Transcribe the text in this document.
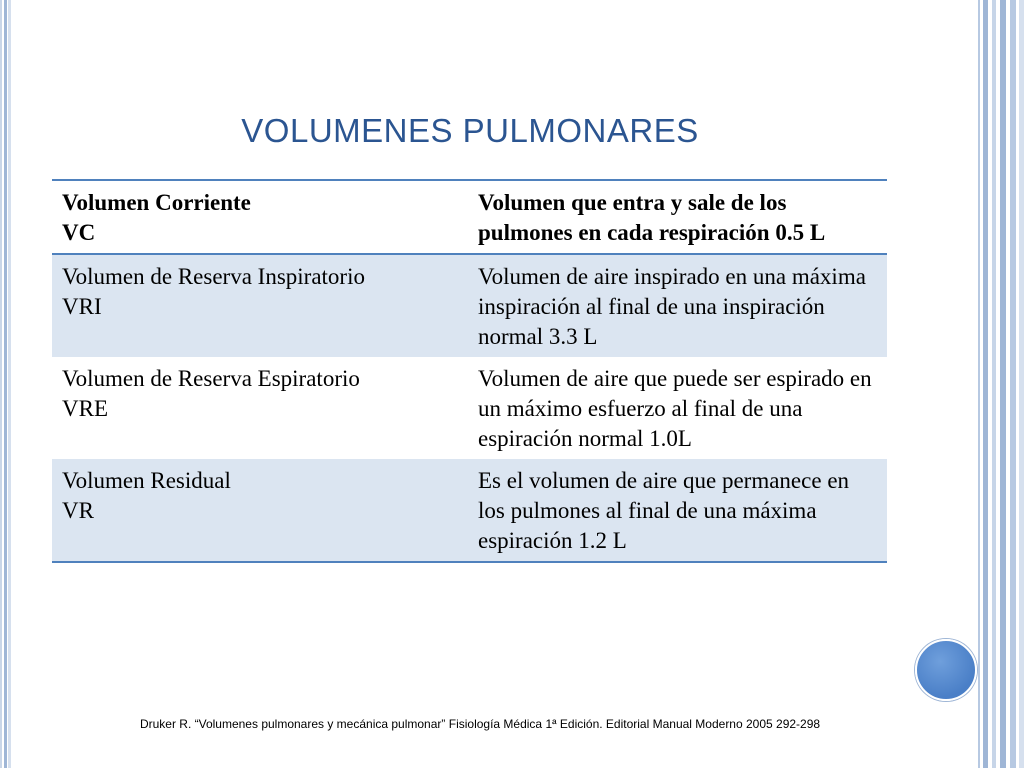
VOLUMENES PULMONARES
Volumen Corriente
VC	Volumen que entra y sale de los pulmones en cada respiración 0.5 L

Volumen de Reserva Inspiratorio
VRI	Volumen de aire inspirado en una máxima inspiración al final de una inspiración normal 3.3 L

Volumen de Reserva Espiratorio
VRE	Volumen de aire que puede ser espirado en un máximo esfuerzo al final de una espiración normal 1.0L

Volumen Residual
VR	Es el volumen de aire que permanece en los pulmones al final de una máxima espiración 1.2 L
Druker R. “Volumenes pulmonares y mecánica pulmonar” Fisiología Médica 1ª Edición. Editorial Manual Moderno 2005 292-298
